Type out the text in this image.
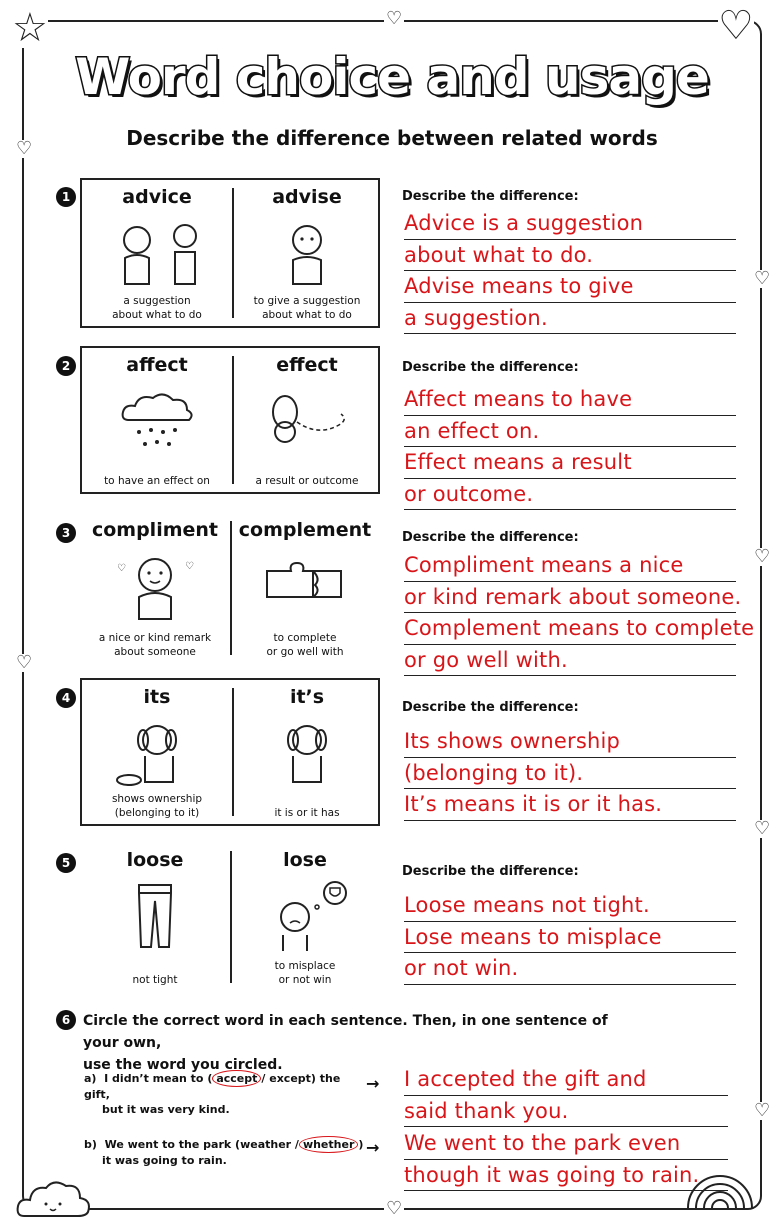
☆	♡
♡
♡
♡
♡
♡
♡
♡
♡
Word choice and usage
Describe the difference between related words
1	advice
a suggestion
about what to do
advise
to give a suggestion
about what to do
Describe the difference:
Advice is a suggestion
about what to do.
Advise means to give
a suggestion.
2	affect
to have an effect on
effect
a result or outcome
Describe the difference:
Affect means to have
an effect on.
Effect means a result
or outcome.
3	compliment
♡	♡
a nice or kind remark
about someone
complement
to complete
or go well with
Describe the difference:
Compliment means a nice
or kind remark about someone.
Complement means to complete
or go well with.
4	its
shows ownership
(belonging to it)
it’s
it is or it has
Describe the difference:
Its shows ownership
(belonging to it).
It’s means it is or it has.
5	loose
not tight
lose
to misplace
or not win
Describe the difference:
Loose means not tight.
Lose means to misplace
or not win.
6 Circle the correct word in each sentence. Then, in one sentence of your own,
use the word you circled.
a) I didn’t mean to ( accept / except) the gift,
but it was very kind.
→ I accepted the gift and
said thank you.
b) We went to the park (weather / whether )
it was going to rain.
→ We went to the park even
though it was going to rain.
